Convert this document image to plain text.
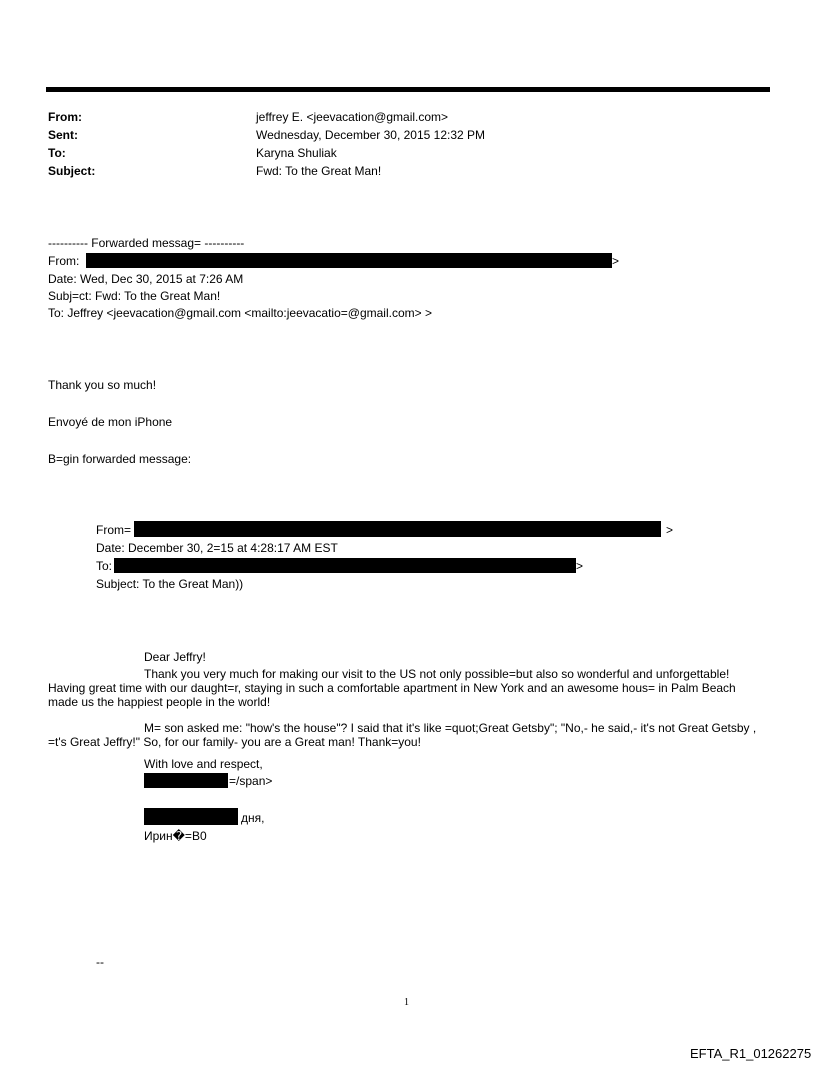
From:	jeffrey E. <jeevacation@gmail.com>
Sent:	Wednesday, December 30, 2015 12:32 PM
To:	Karyna Shuliak
Subject:	Fwd: To the Great Man!
---------- Forwarded messag= ----------
From:	>
Date: Wed, Dec 30, 2015 at 7:26 AM
Subj=ct: Fwd: To the Great Man!
To: Jeffrey <jeevacation@gmail.com <mailto:jeevacatio=@gmail.com> >
Thank you so much!
Envoyé de mon iPhone
B=gin forwarded message:
From=	>
Date: December 30, 2=15 at 4:28:17 AM EST
To:	>
Subject: To the Great Man))
Dear Jeffry!
Thank you very much for making our visit to the US not only possible=but also so wonderful and unforgettable! Having great time with our daught=r, staying in such a comfortable apartment in New York and an awesome hous= in Palm Beach made us the happiest people in the world!
M= son asked me: "how's the house"? I said that it's like =quot;Great Getsby"; "No,- he said,- it's not Great Getsby , =t's Great Jeffry!" So, for our family- you are a Great man! Thank=you!
With love and respect,
=/span>
дня,
Ирин�=B0
--
1
EFTA_R1_01262275
